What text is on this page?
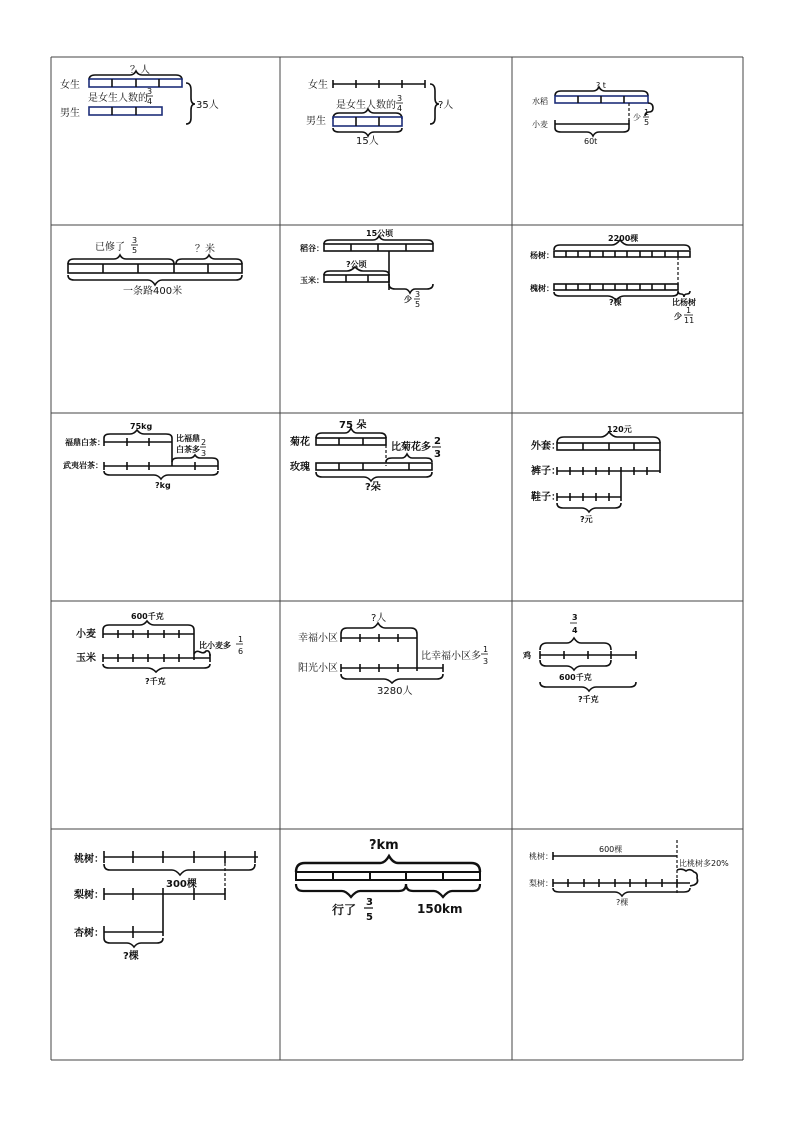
？人
女生
是女生人数的
3
4
男生
35人
女生
是女生人数的
3
4
男生
15人
?人
? t
水稻
少
1
5
小麦
60t
已修了
3
5	？米
一条路400米
15公顷
稻谷：
?公顷
玉米：
少
3
5
2200棵
杨树：
槐树：
?棵	比杨树
少
1
11
75kg
福鼎白茶：	比福鼎
白茶多
2
3
武夷岩茶：
?kg
75 朵
菊花	比菊花多
2
3
玫瑰
?朵
120元
外套：
裤子：
鞋子：
?元
600千克
小麦
比小麦多
1
6
玉米
?千克
?人
幸福小区
比幸福小区多
1
3
阳光小区
3280人
3
4
鸡
600千克
?千克
桃树：
300棵
梨树：
杏树：
?棵
?km
行了
3
5
150km
600棵
桃树：
比桃树多20%
梨树：
?棵
